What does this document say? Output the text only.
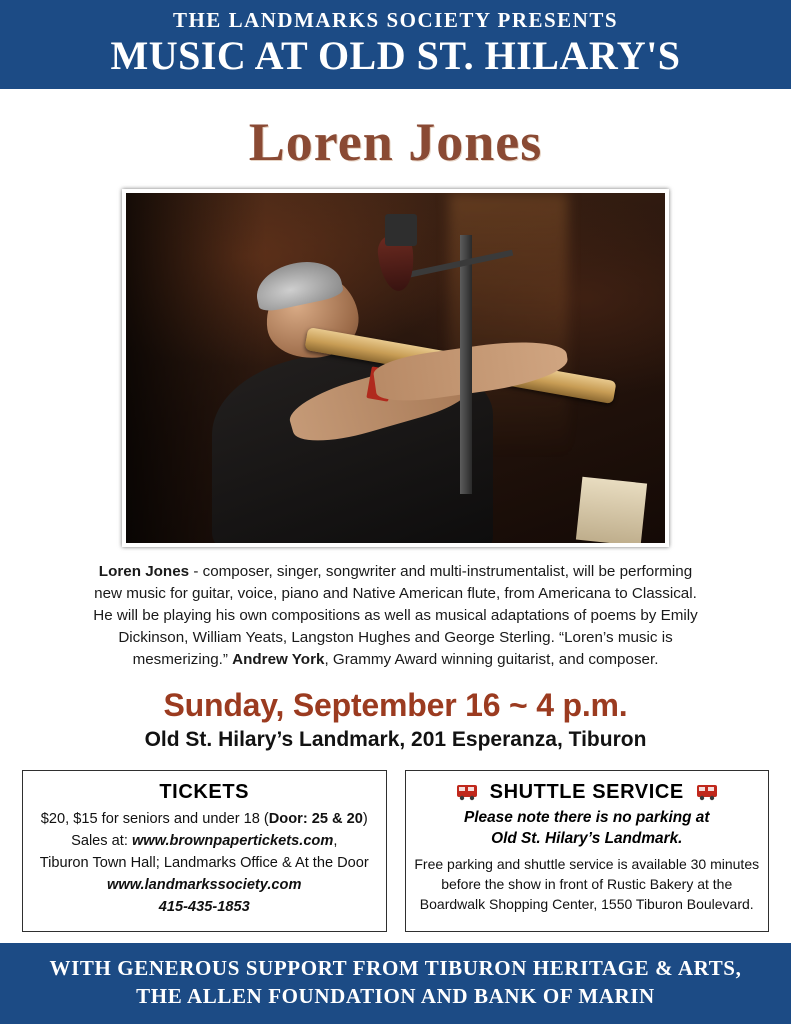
THE LANDMARKS SOCIETY PRESENTS
MUSIC AT OLD ST. HILARY'S
Loren Jones
Loren Jones - composer, singer, songwriter and multi-instrumentalist, will be performing new music for guitar, voice, piano and Native American flute, from Americana to Classical. He will be playing his own compositions as well as musical adaptations of poems by Emily Dickinson, William Yeats, Langston Hughes and George Sterling. “Loren’s music is mesmerizing.” Andrew York, Grammy Award winning guitarist, and composer.
Sunday, September 16 ~ 4 p.m.
Old St. Hilary’s Landmark, 201 Esperanza, Tiburon
TICKETS
$20, $15 for seniors and under 18 (Door: 25 & 20)
Sales at: www.brownpapertickets.com,
Tiburon Town Hall; Landmarks Office & At the Door
www.landmarkssociety.com
415-435-1853
SHUTTLE SERVICE
Please note there is no parking at
Old St. Hilary’s Landmark.
Free parking and shuttle service is available 30 minutes before the show in front of Rustic Bakery at the Boardwalk Shopping Center, 1550 Tiburon Boulevard.
WITH GENEROUS SUPPORT FROM TIBURON HERITAGE & ARTS,
THE ALLEN FOUNDATION AND BANK OF MARIN
